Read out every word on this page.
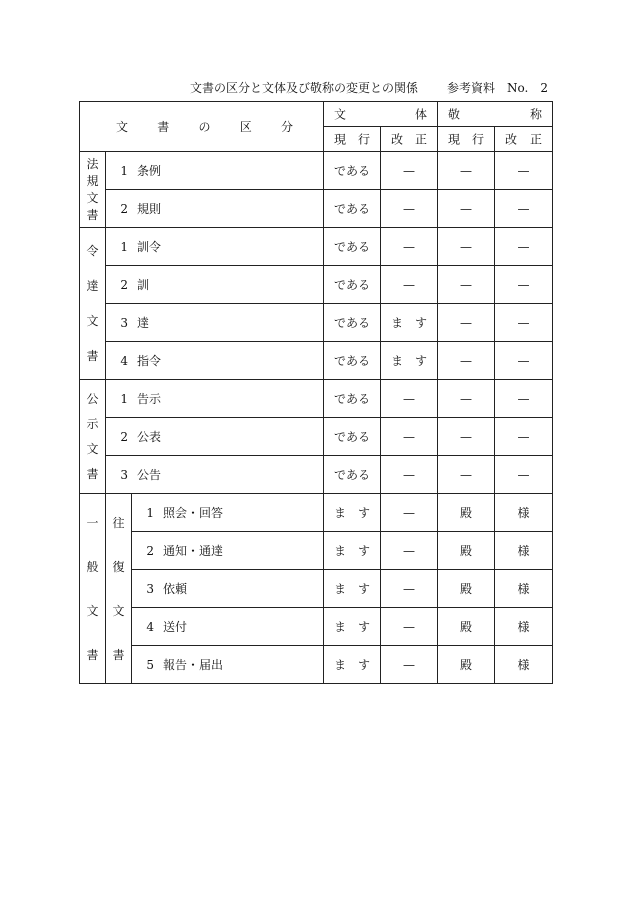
文書の区分と文体及び敬称の変更との関係 参考資料　No.　2
文 書 の 区 分			文 体		敬 称	

			現 行	改 正	現 行	改 正

法規文書	1 条例		である	—	—	—
	2 規則		である	—	—	—
令達文書	1 訓令		である	—	—	—
	2 訓		である	—	—	—
	3 達		である	ま　す	—	—
	4 指令		である	ま　す	—	—
公示文書	1 告示		である	—	—	—
	2 公表		である	—	—	—
	3 公告		である	—	—	—
一般文書	往復文書	1 照会・回答	ま　す	—	殿	様
		2 通知・通達	ま　す	—	殿	様
		3 依頼	ま　す	—	殿	様
		4 送付	ま　す	—	殿	様
		5 報告・届出	ま　す	—	殿	様
